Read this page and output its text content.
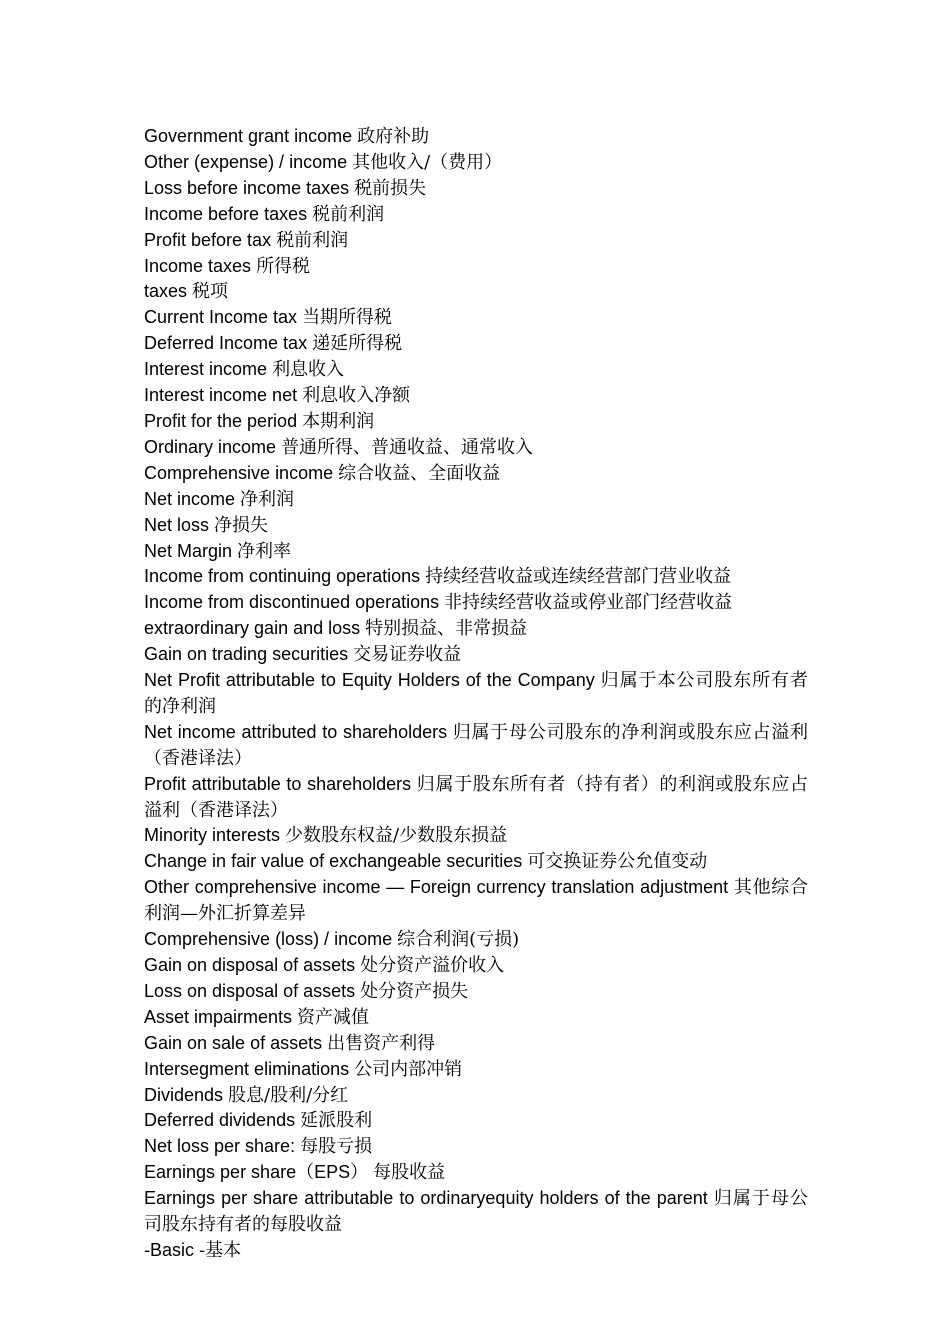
Government grant income 政府补助

Other (expense) / income 其他收入/（费用）

Loss before income taxes 税前损失

Income before taxes 税前利润

Profit before tax 税前利润

Income taxes 所得税

taxes 税项

Current Income tax 当期所得税

Deferred Income tax 递延所得税

Interest income 利息收入

Interest income net 利息收入净额

Profit for the period 本期利润

Ordinary income 普通所得、普通收益、通常收入

Comprehensive income 综合收益、全面收益

Net income 净利润

Net loss 净损失

Net Margin 净利率

Income from continuing operations 持续经营收益或连续经营部门营业收益

Income from discontinued operations 非持续经营收益或停业部门经营收益

extraordinary gain and loss 特别损益、非常损益

Gain on trading securities 交易证券收益

Net Profit attributable to Equity Holders of the Company 归属于本公司股东所有者的净利润

Net income attributed to shareholders 归属于母公司股东的净利润或股东应占溢利（香港译法）

Profit attributable to shareholders 归属于股东所有者（持有者）的利润或股东应占溢利（香港译法）

Minority interests 少数股东权益/少数股东损益

Change in fair value of exchangeable securities 可交换证券公允值变动

Other comprehensive income — Foreign currency translation adjustment 其他综合利润—外汇折算差异

Comprehensive (loss) / income 综合利润(亏损)

Gain on disposal of assets 处分资产溢价收入

Loss on disposal of assets 处分资产损失

Asset impairments 资产减值

Gain on sale of assets 出售资产利得

Intersegment eliminations 公司内部冲销

Dividends 股息/股利/分红

Deferred dividends 延派股利

Net loss per share: 每股亏损

Earnings per share（EPS） 每股收益

Earnings per share attributable to ordinaryequity holders of the parent 归属于母公司股东持有者的每股收益

-Basic -基本
